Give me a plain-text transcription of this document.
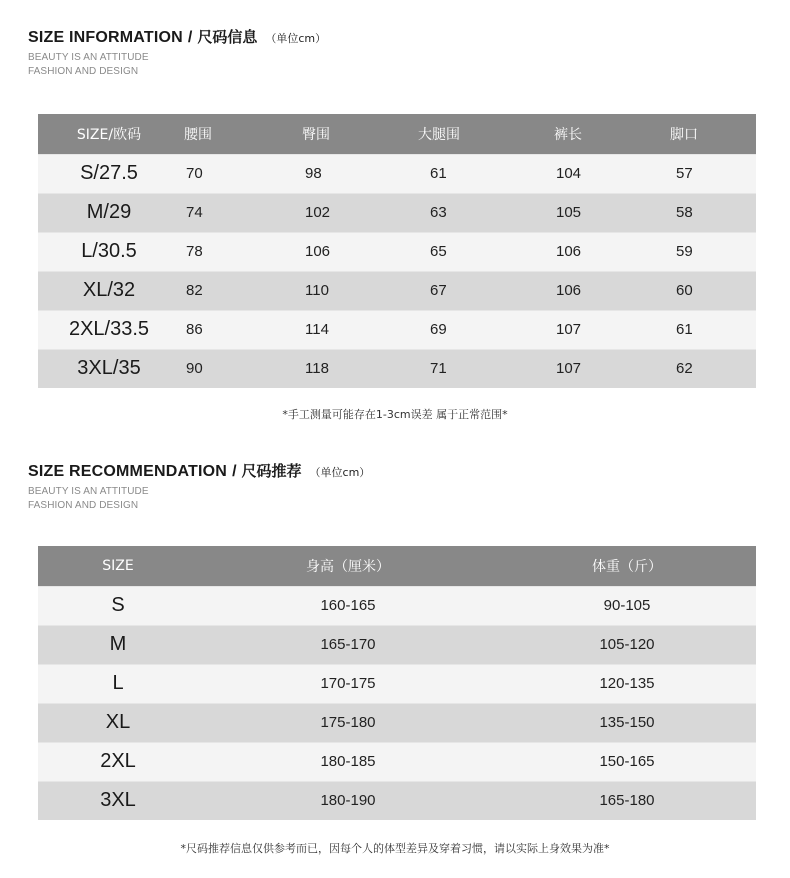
SIZE INFORMATION / 尺码信息 （单位cm）
BEAUTY IS AN ATTITUDE
FASHION AND DESIGN
SIZE/欧码	腰围	臀围	大腿围	裤长	脚口
S/27.5	70	98	61	104	57
M/29	74	102	63	105	58
L/30.5	78	106	65	106	59
XL/32	82	110	67	106	60
2XL/33.5	86	114	69	107	61
3XL/35	90	118	71	107	62
*手工测量可能存在1-3cm误差 属于正常范围*
SIZE RECOMMENDATION / 尺码推荐 （单位cm）
BEAUTY IS AN ATTITUDE
FASHION AND DESIGN
SIZE	身高（厘米）	体重（斤）
S	160-165	90-105
M	165-170	105-120
L	170-175	120-135
XL	175-180	135-150
2XL	180-185	150-165
3XL	180-190	165-180
*尺码推荐信息仅供参考而已，因每个人的体型差异及穿着习惯，请以实际上身效果为准*
